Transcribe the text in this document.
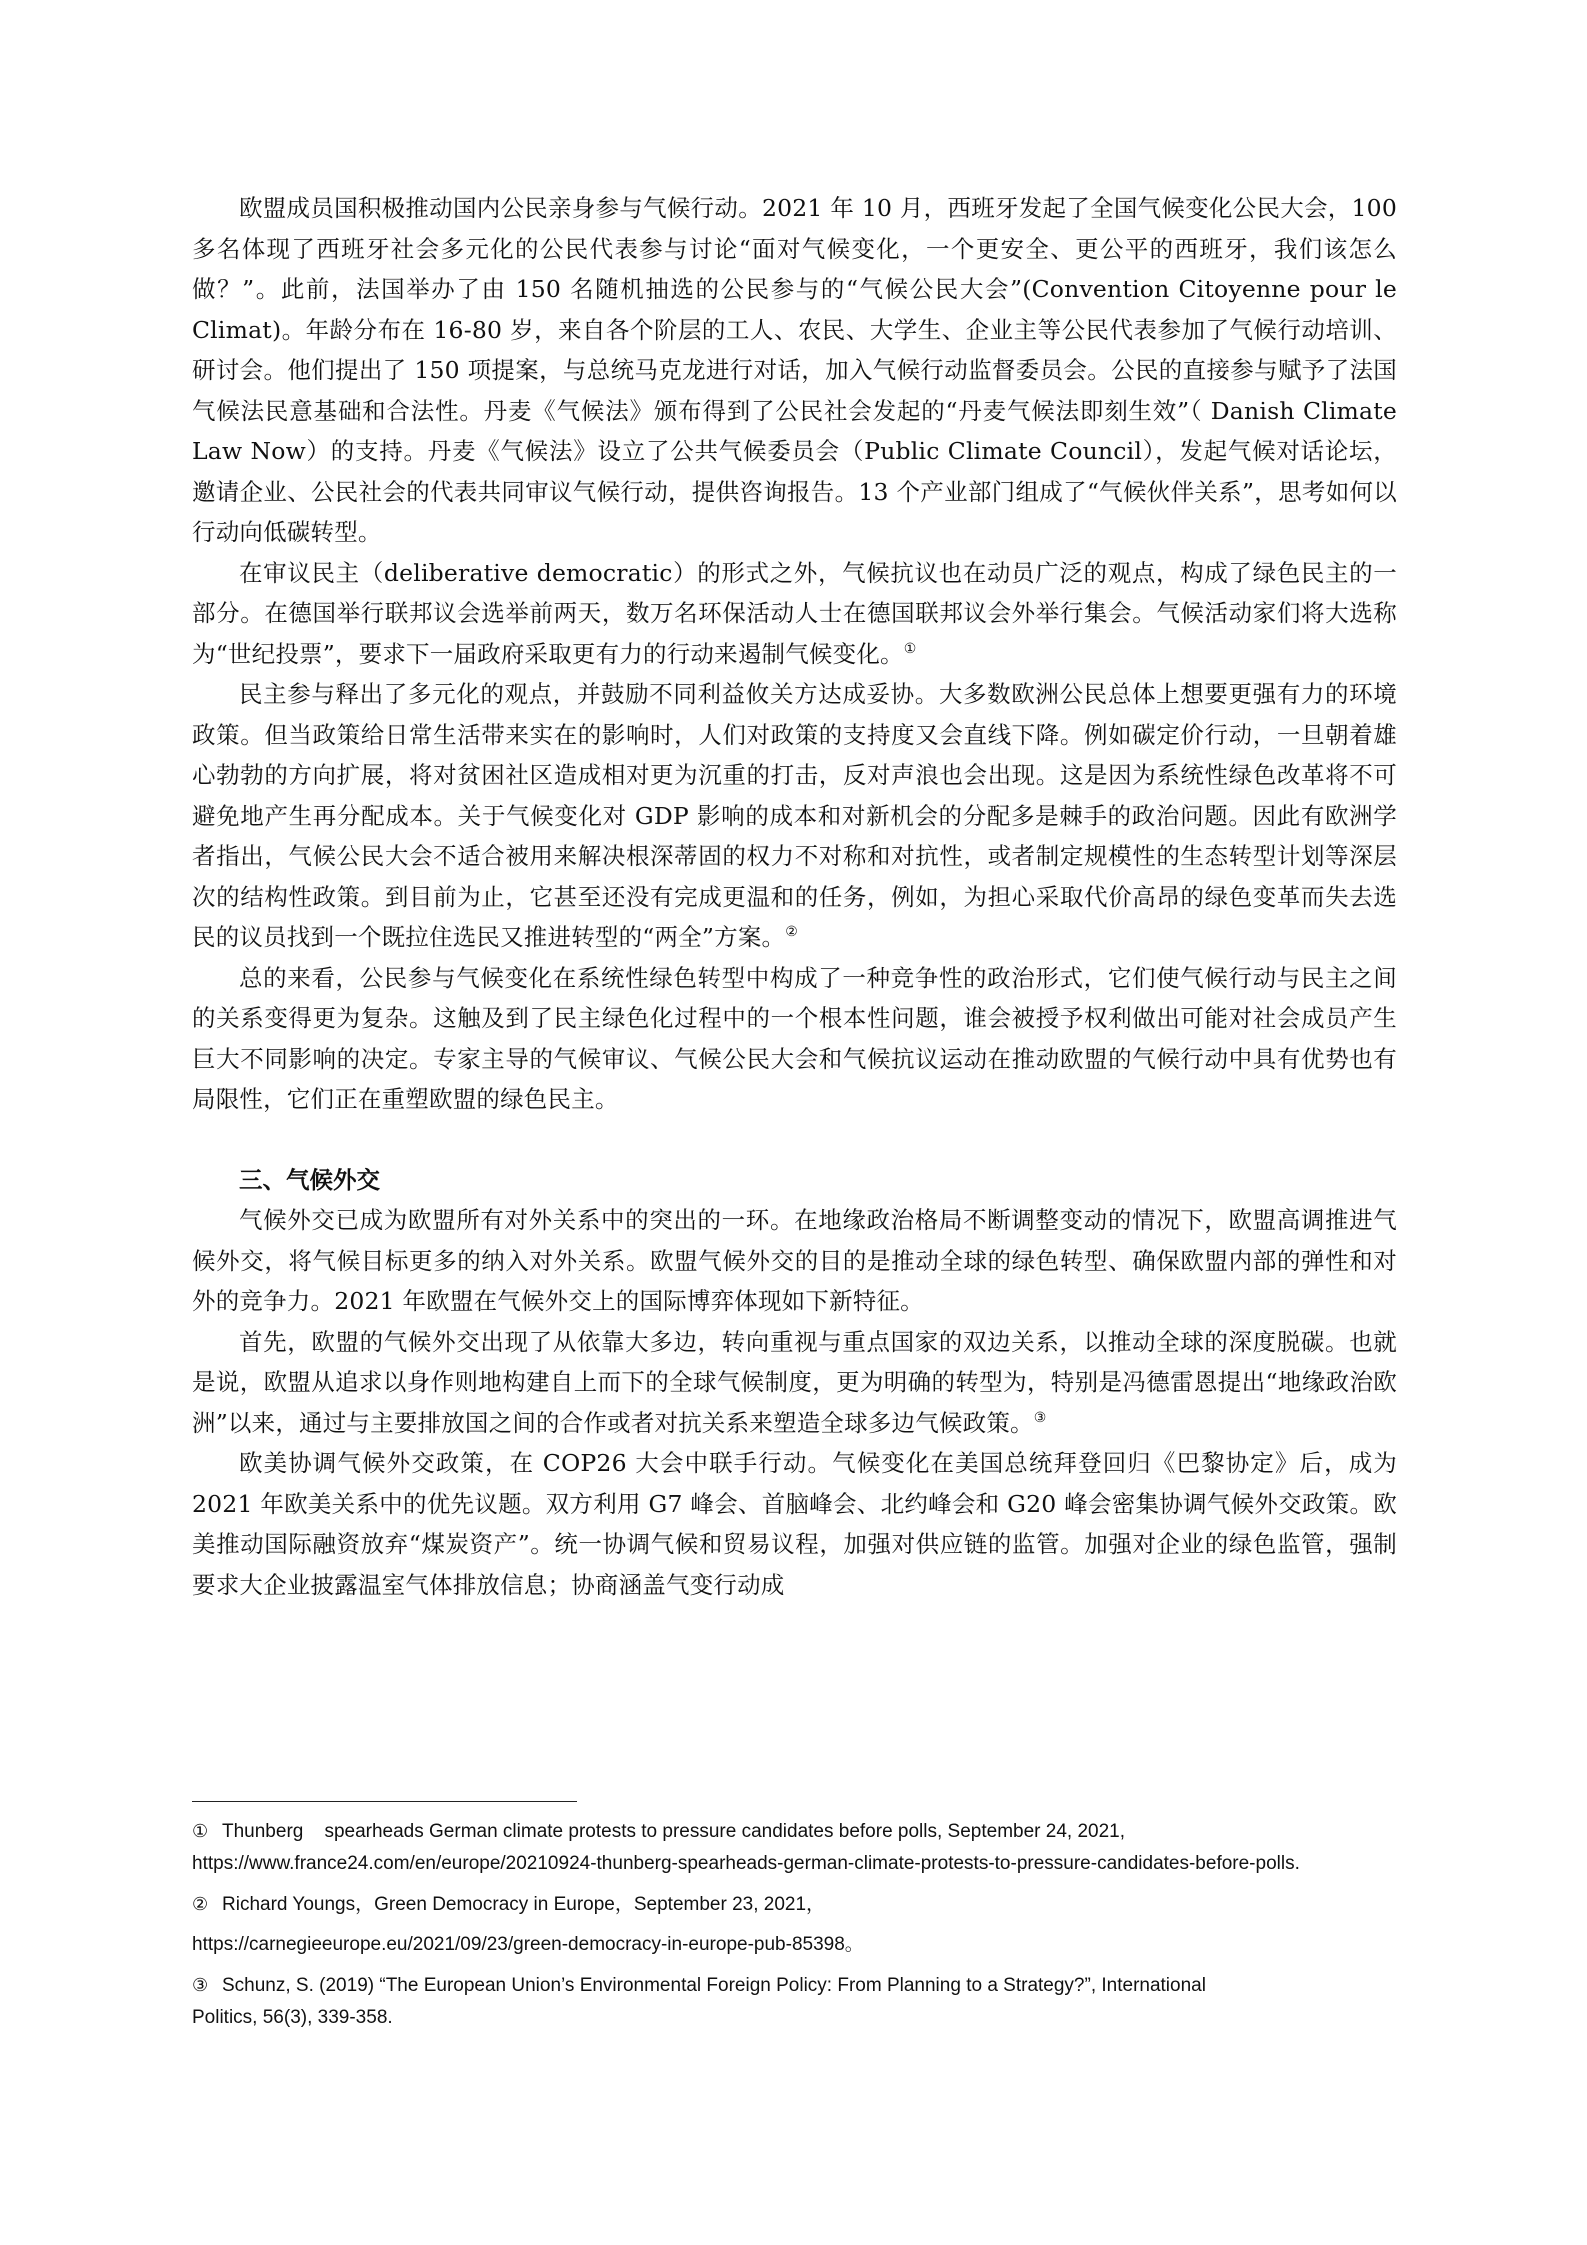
欧盟成员国积极推动国内公民亲身参与气候行动。2021 年 10 月，西班牙发起了全国气候变化公民大会，100 多名体现了西班牙社会多元化的公民代表参与讨论“面对气候变化，一个更安全、更公平的西班牙，我们该怎么做？”。此前，法国举办了由 150 名随机抽选的公民参与的“气候公民大会”(Convention Citoyenne pour le Climat)。年龄分布在 16-80 岁，来自各个阶层的工人、农民、大学生、企业主等公民代表参加了气候行动培训、研讨会。他们提出了 150 项提案，与总统马克龙进行对话，加入气候行动监督委员会。公民的直接参与赋予了法国气候法民意基础和合法性。丹麦《气候法》颁布得到了公民社会发起的“丹麦气候法即刻生效”（ Danish Climate Law Now）的支持。丹麦《气候法》设立了公共气候委员会（Public Climate Council），发起气候对话论坛，邀请企业、公民社会的代表共同审议气候行动，提供咨询报告。13 个产业部门组成了“气候伙伴关系”，思考如何以行动向低碳转型。

在审议民主（deliberative democratic）的形式之外，气候抗议也在动员广泛的观点，构成了绿色民主的一部分。在德国举行联邦议会选举前两天，数万名环保活动人士在德国联邦议会外举行集会。气候活动家们将大选称为“世纪投票”，要求下一届政府采取更有力的行动来遏制气候变化。①

民主参与释出了多元化的观点，并鼓励不同利益攸关方达成妥协。大多数欧洲公民总体上想要更强有力的环境政策。但当政策给日常生活带来实在的影响时，人们对政策的支持度又会直线下降。例如碳定价行动，一旦朝着雄心勃勃的方向扩展，将对贫困社区造成相对更为沉重的打击，反对声浪也会出现。这是因为系统性绿色改革将不可避免地产生再分配成本。关于气候变化对 GDP 影响的成本和对新机会的分配多是棘手的政治问题。因此有欧洲学者指出，气候公民大会不适合被用来解决根深蒂固的权力不对称和对抗性，或者制定规模性的生态转型计划等深层次的结构性政策。到目前为止，它甚至还没有完成更温和的任务，例如，为担心采取代价高昂的绿色变革而失去选民的议员找到一个既拉住选民又推进转型的“两全”方案。②

总的来看，公民参与气候变化在系统性绿色转型中构成了一种竞争性的政治形式，它们使气候行动与民主之间的关系变得更为复杂。这触及到了民主绿色化过程中的一个根本性问题，谁会被授予权利做出可能对社会成员产生巨大不同影响的决定。专家主导的气候审议、气候公民大会和气候抗议运动在推动欧盟的气候行动中具有优势也有局限性，它们正在重塑欧盟的绿色民主。

三、气候外交

气候外交已成为欧盟所有对外关系中的突出的一环。在地缘政治格局不断调整变动的情况下，欧盟高调推进气候外交，将气候目标更多的纳入对外关系。欧盟气候外交的目的是推动全球的绿色转型、确保欧盟内部的弹性和对外的竞争力。2021 年欧盟在气候外交上的国际博弈体现如下新特征。

首先，欧盟的气候外交出现了从依靠大多边，转向重视与重点国家的双边关系，以推动全球的深度脱碳。也就是说，欧盟从追求以身作则地构建自上而下的全球气候制度，更为明确的转型为，特别是冯德雷恩提出“地缘政治欧洲”以来，通过与主要排放国之间的合作或者对抗关系来塑造全球多边气候政策。③

欧美协调气候外交政策，在 COP26 大会中联手行动。气候变化在美国总统拜登回归《巴黎协定》后，成为 2021 年欧美关系中的优先议题。双方利用 G7 峰会、首脑峰会、北约峰会和 G20 峰会密集协调气候外交政策。欧美推动国际融资放弃“煤炭资产”。统一协调气候和贸易议程，加强对供应链的监管。加强对企业的绿色监管，强制要求大企业披露温室气体排放信息；协商涵盖气变行动成

① Thunberg    spearheads German climate protests to pressure candidates before polls, September 24, 2021,
https://www.france24.com/en/europe/20210924-thunberg-spearheads-german-climate-protests-to-pressure-candidates-before-polls.
② Richard Youngs，Green Democracy in Europe，September 23, 2021，
https://carnegieeurope.eu/2021/09/23/green-democracy-in-europe-pub-85398。
③ Schunz, S. (2019) “The European Union’s Environmental Foreign Policy: From Planning to a Strategy?”, International
Politics, 56(3), 339-358.
